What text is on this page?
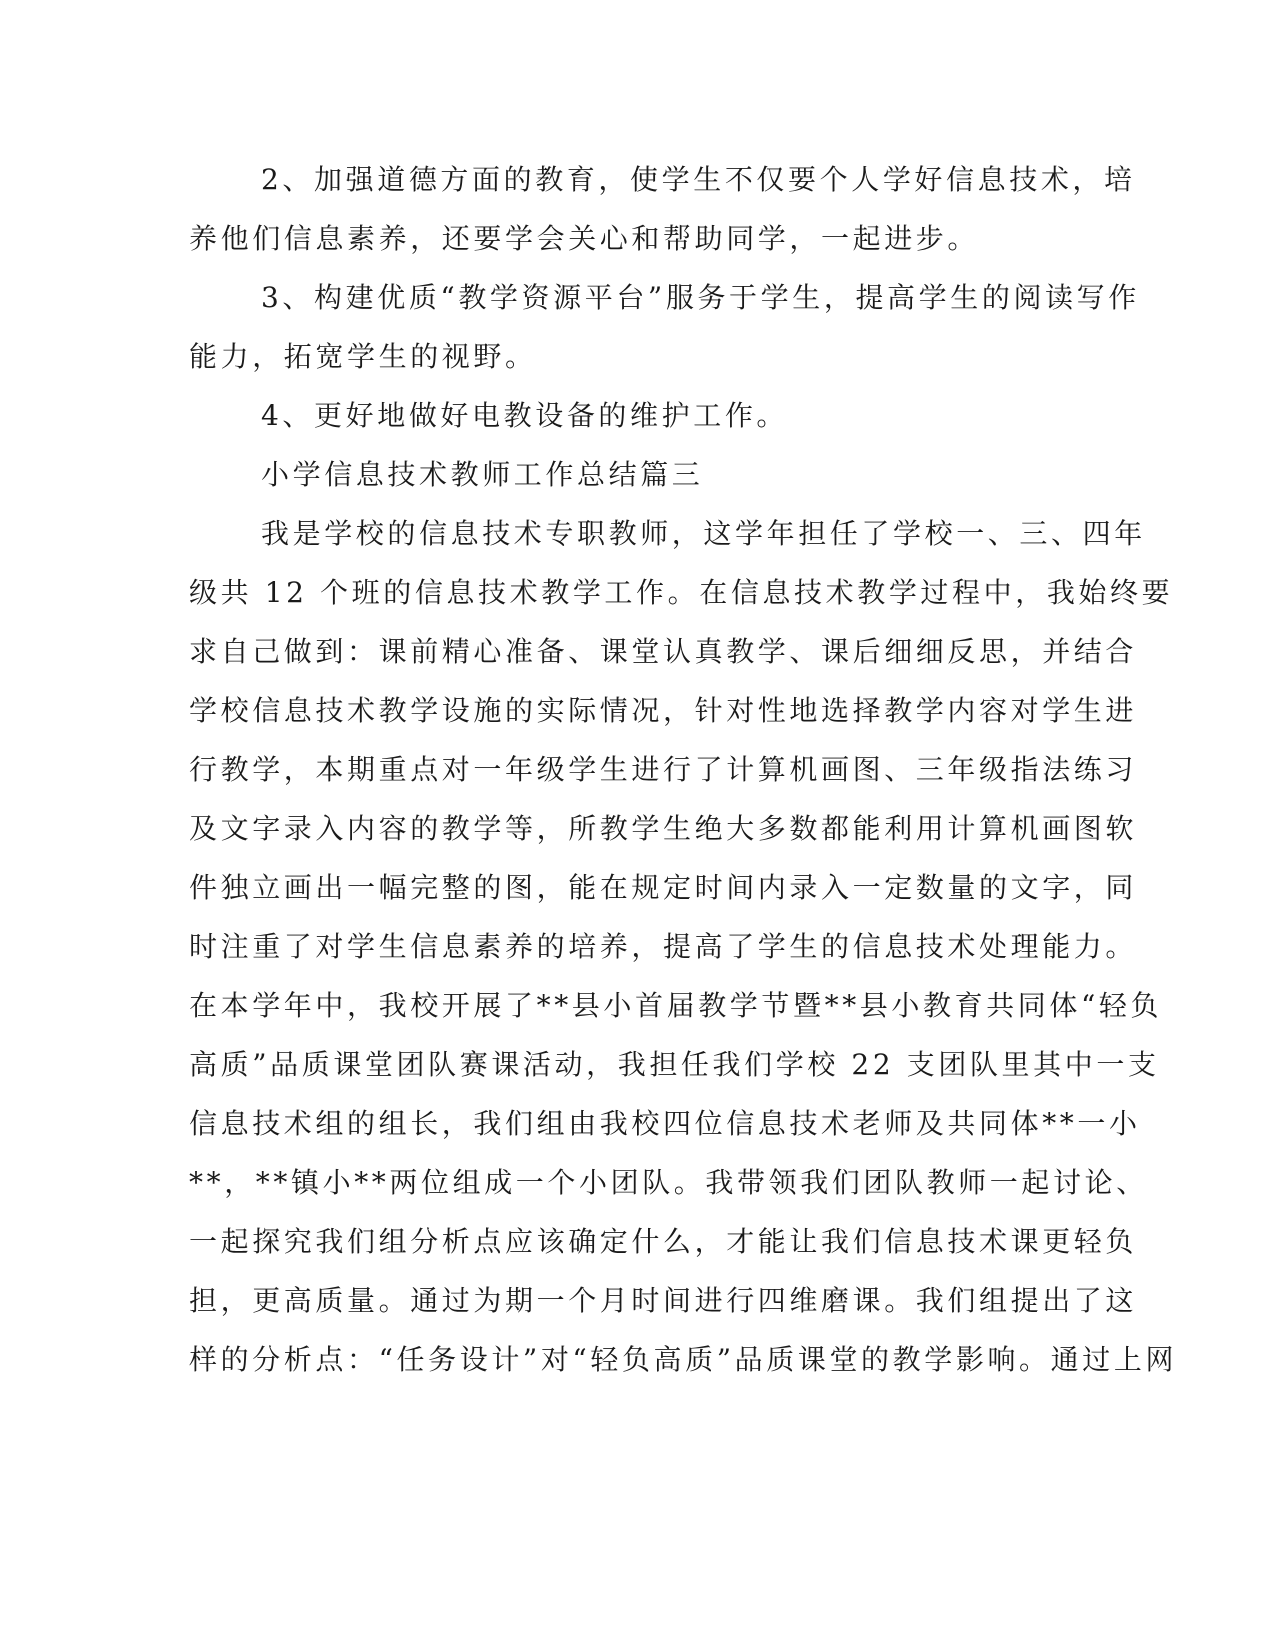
2、加强道德方面的教育，使学生不仅要个人学好信息技术，培
养他们信息素养，还要学会关心和帮助同学，一起进步。
3、构建优质“教学资源平台”服务于学生，提高学生的阅读写作
能力，拓宽学生的视野。
4、更好地做好电教设备的维护工作。
小学信息技术教师工作总结篇三
我是学校的信息技术专职教师，这学年担任了学校一、三、四年
级共 12 个班的信息技术教学工作。在信息技术教学过程中，我始终要
求自己做到：课前精心准备、课堂认真教学、课后细细反思，并结合
学校信息技术教学设施的实际情况，针对性地选择教学内容对学生进
行教学，本期重点对一年级学生进行了计算机画图、三年级指法练习
及文字录入内容的教学等，所教学生绝大多数都能利用计算机画图软
件独立画出一幅完整的图，能在规定时间内录入一定数量的文字，同
时注重了对学生信息素养的培养，提高了学生的信息技术处理能力。
在本学年中，我校开展了**县小首届教学节暨**县小教育共同体“轻负
高质”品质课堂团队赛课活动，我担任我们学校 22 支团队里其中一支
信息技术组的组长，我们组由我校四位信息技术老师及共同体**一小
**，**镇小**两位组成一个小团队。我带领我们团队教师一起讨论、
一起探究我们组分析点应该确定什么，才能让我们信息技术课更轻负
担，更高质量。通过为期一个月时间进行四维磨课。我们组提出了这
样的分析点：“任务设计”对“轻负高质”品质课堂的教学影响。通过上网
